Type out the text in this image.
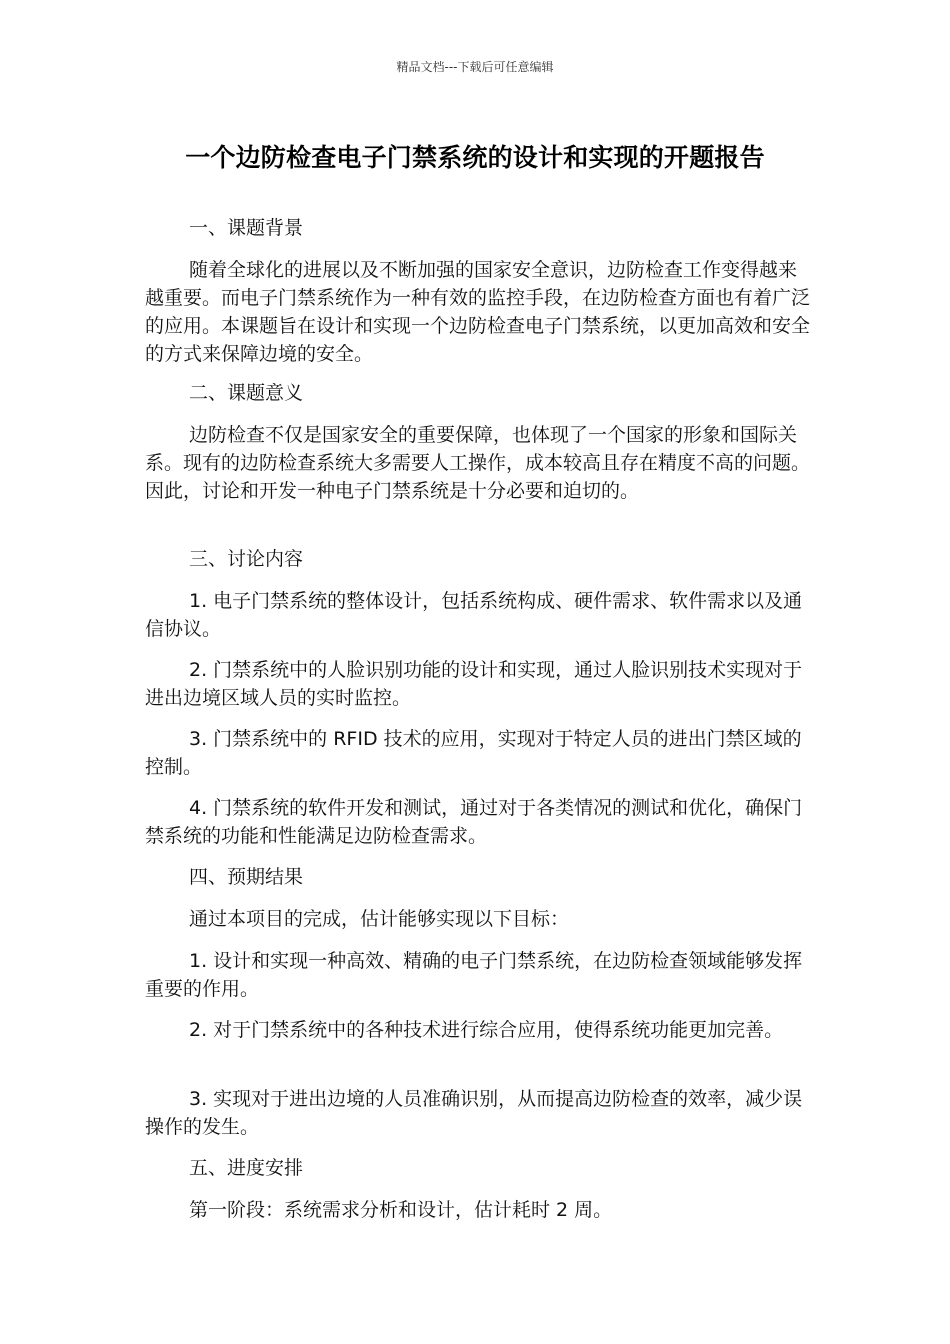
精品文档---下载后可任意编辑
一个边防检查电子门禁系统的设计和实现的开题报告

一、课题背景

随着全球化的进展以及不断加强的国家安全意识，边防检查工作变得越来越重要。而电子门禁系统作为一种有效的监控手段，在边防检查方面也有着广泛的应用。本课题旨在设计和实现一个边防检查电子门禁系统，以更加高效和安全的方式来保障边境的安全。

二、课题意义

边防检查不仅是国家安全的重要保障，也体现了一个国家的形象和国际关系。现有的边防检查系统大多需要人工操作，成本较高且存在精度不高的问题。因此，讨论和开发一种电子门禁系统是十分必要和迫切的。

三、讨论内容

1. 电子门禁系统的整体设计，包括系统构成、硬件需求、软件需求以及通信协议。

2. 门禁系统中的人脸识别功能的设计和实现，通过人脸识别技术实现对于进出边境区域人员的实时监控。

3. 门禁系统中的 RFID 技术的应用，实现对于特定人员的进出门禁区域的控制。

4. 门禁系统的软件开发和测试，通过对于各类情况的测试和优化，确保门禁系统的功能和性能满足边防检查需求。

四、预期结果

通过本项目的完成，估计能够实现以下目标：

1. 设计和实现一种高效、精确的电子门禁系统，在边防检查领域能够发挥重要的作用。

2. 对于门禁系统中的各种技术进行综合应用，使得系统功能更加完善。

3. 实现对于进出边境的人员准确识别，从而提高边防检查的效率，减少误操作的发生。

五、进度安排

第一阶段：系统需求分析和设计，估计耗时 2 周。
